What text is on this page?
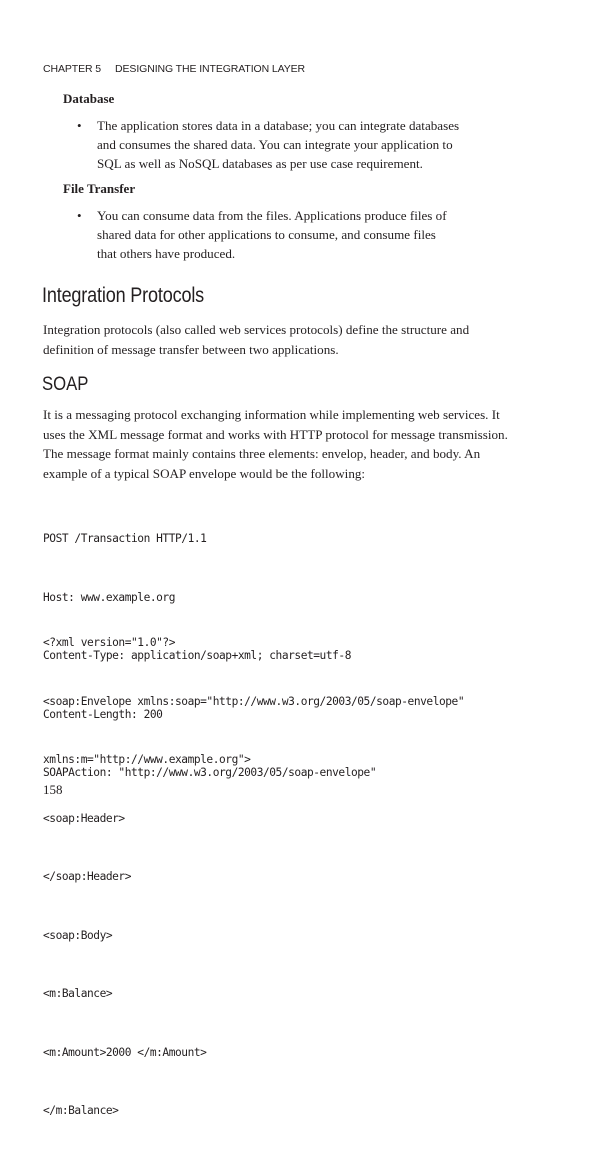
CHAPTER 5 DESIGNING THE INTEGRATION LAYER
Database
• The application stores data in a database; you can integrate databases
and consumes the shared data. You can integrate your application to
SQL as well as NoSQL databases as per use case requirement.
File Transfer
• You can consume data from the files. Applications produce files of
shared data for other applications to consume, and consume files
that others have produced.
Integration Protocols
Integration protocols (also called web services protocols) define the structure and
definition of message transfer between two applications.
SOAP
It is a messaging protocol exchanging information while implementing web services. It
uses the XML message format and works with HTTP protocol for message transmission.
The message format mainly contains three elements: envelop, header, and body. An
example of a typical SOAP envelope would be the following:

POST /Transaction HTTP/1.1

Host: www.example.org

Content-Type: application/soap+xml; charset=utf-8

Content-Length: 200

SOAPAction: "http://www.w3.org/2003/05/soap-envelope"

<?xml version="1.0"?>

<soap:Envelope xmlns:soap="http://www.w3.org/2003/05/soap-envelope"

xmlns:m="http://www.example.org">

<soap:Header>

</soap:Header>

<soap:Body>

<m:Balance>

<m:Amount>2000 </m:Amount>

</m:Balance>

158
